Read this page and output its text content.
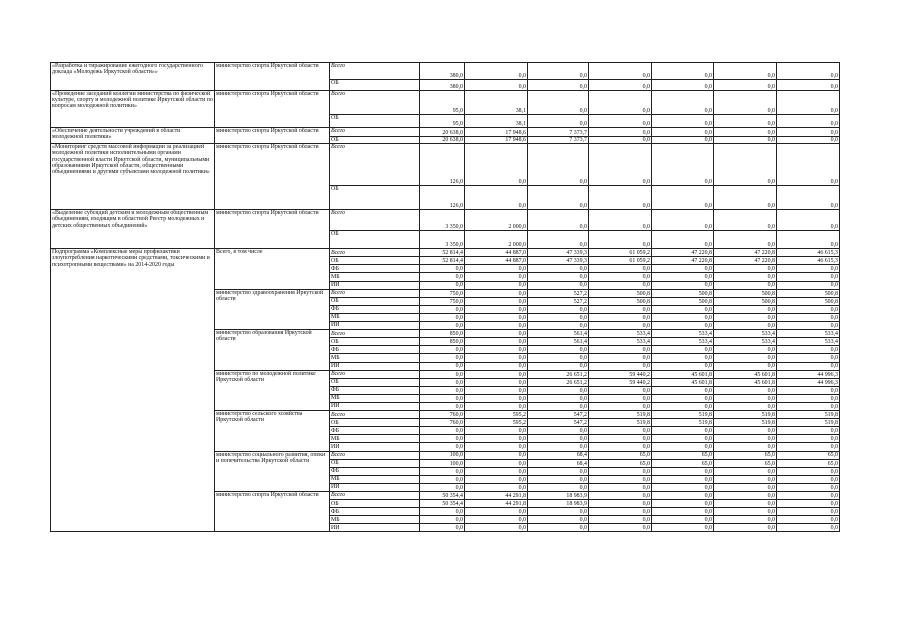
«Разработка и тиражирование ежегодного государственного доклада «Молодежь Иркутской области»»	министерство спорта Иркутской области	Всего	380,0	0,0	0,0	0,0	0,0	0,0	0,0
		ОБ	380,0	0,0	0,0	0,0	0,0	0,0	0,0
«Проведение заседаний коллегии министерства по физической культуре, спорту и молодежной политике Иркутской области по вопросам молодежной политики»	министерство спорта Иркутской области	Всего	95,0	38,1	0,0	0,0	0,0	0,0	0,0
		ОБ	95,0	38,1	0,0	0,0	0,0	0,0	0,0
«Обеспечение деятельности учреждений в области молодежной политики»	министерство спорта Иркутской области	Всего	20 638,0	17 948,6	7 373,7	0,0	0,0	0,0	0,0
		ОБ	20 638,0	17 948,6	7 373,7	0,0	0,0	0,0	0,0
«Мониторинг средств массовой информации за реализацией молодежной политики исполнительными органами государственной власти Иркутской области, муниципальными образованиями Иркутской области, общественными объединениями и другими субъектами молодежной политики»	министерство спорта Иркутской области	Всего	126,0	0,0	0,0	0,0	0,0	0,0	0,0
		ОБ	126,0	0,0	0,0	0,0	0,0	0,0	0,0
«Выделение субсидий детским и молодежным общественным объединениям, входящим в областной Реестр молодежных и детских общественных объединений»	министерство спорта Иркутской области	Всего	3 350,0	2 000,0	0,0	0,0	0,0	0,0	0,0
		ОБ	3 350,0	2 000,0	0,0	0,0	0,0	0,0	0,0
Подпрограмма «Комплексные меры профилактики злоупотребления наркотическими средствами, токсическими и психотропными веществами» на 2014-2020 годы	Всего, в том числе	Всего	52 814,4	44 887,0	47 339,3	61 059,2	47 220,8	47 220,8	46 615,3
		ОБ	52 814,4	44 887,0	47 339,3	61 059,2	47 220,8	47 220,8	46 615,3
		ФБ	0,0	0,0	0,0	0,0	0,0	0,0	0,0
		МБ	0,0	0,0	0,0	0,0	0,0	0,0	0,0
		ИИ	0,0	0,0	0,0	0,0	0,0	0,0	0,0
	министерство здравоохранения Иркутской области	Всего	750,0	0,0	527,2	500,8	500,8	500,8	500,8
		ОБ	750,0	0,0	527,2	500,8	500,8	500,8	500,8
		ФБ	0,0	0,0	0,0	0,0	0,0	0,0	0,0
		МБ	0,0	0,0	0,0	0,0	0,0	0,0	0,0
		ИИ	0,0	0,0	0,0	0,0	0,0	0,0	0,0
	министерство образования Иркутской области	Всего	850,0	0,0	561,4	533,4	533,4	533,4	533,4
		ОБ	850,0	0,0	561,4	533,4	533,4	533,4	533,4
		ФБ	0,0	0,0	0,0	0,0	0,0	0,0	0,0
		МБ	0,0	0,0	0,0	0,0	0,0	0,0	0,0
		ИИ	0,0	0,0	0,0	0,0	0,0	0,0	0,0
	министерство по молодежной политике Иркутской области	Всего	0,0	0,0	26 651,2	59 440,2	45 601,8	45 601,8	44 996,3
		ОБ	0,0	0,0	26 651,2	59 440,2	45 601,8	45 601,8	44 996,3
		ФБ	0,0	0,0	0,0	0,0	0,0	0,0	0,0
		МБ	0,0	0,0	0,0	0,0	0,0	0,0	0,0
		ИИ	0,0	0,0	0,0	0,0	0,0	0,0	0,0
	министерство сельского хозяйства Иркутской области	Всего	760,0	595,2	547,2	519,8	519,8	519,8	519,8
		ОБ	760,0	595,2	547,2	519,8	519,8	519,8	519,8
		ФБ	0,0	0,0	0,0	0,0	0,0	0,0	0,0
		МБ	0,0	0,0	0,0	0,0	0,0	0,0	0,0
		ИИ	0,0	0,0	0,0	0,0	0,0	0,0	0,0
	министерство социального развития, опеки и попечительства Иркутской области	Всего	100,0	0,0	68,4	65,0	65,0	65,0	65,0
		ОБ	100,0	0,0	68,4	65,0	65,0	65,0	65,0
		ФБ	0,0	0,0	0,0	0,0	0,0	0,0	0,0
		МБ	0,0	0,0	0,0	0,0	0,0	0,0	0,0
		ИИ	0,0	0,0	0,0	0,0	0,0	0,0	0,0
	министерство спорта Иркутской области	Всего	50 354,4	44 291,8	18 983,9	0,0	0,0	0,0	0,0
		ОБ	50 354,4	44 291,8	18 983,9	0,0	0,0	0,0	0,0
		ФБ	0,0	0,0	0,0	0,0	0,0	0,0	0,0
		МБ	0,0	0,0	0,0	0,0	0,0	0,0	0,0
		ИИ	0,0	0,0	0,0	0,0	0,0	0,0	0,0
